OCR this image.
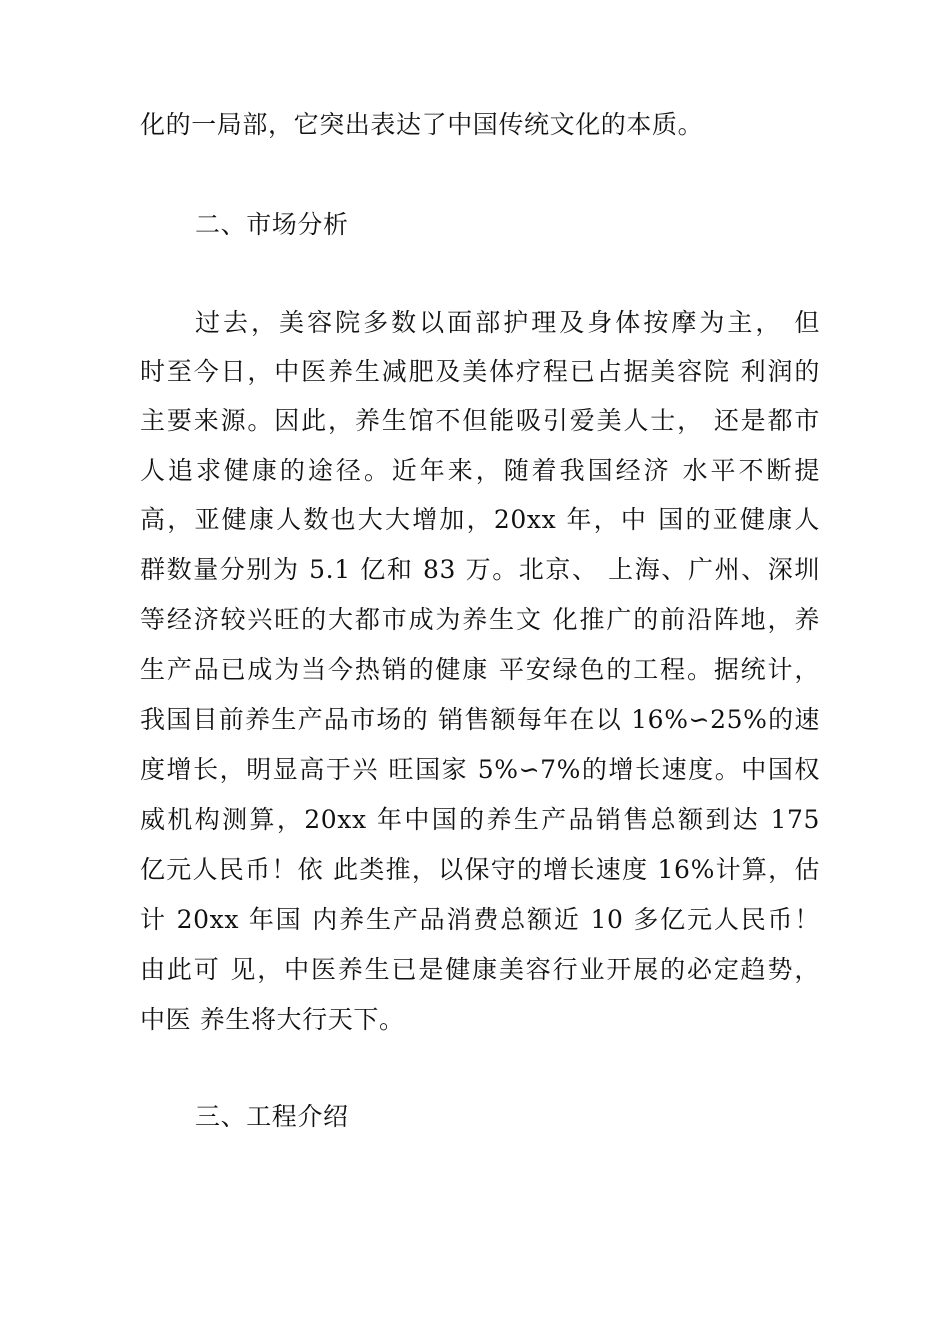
化的一局部，它突出表达了中国传统文化的本质。
二、市场分析
过去，美容院多数以面部护理及身体按摩为主， 但
时至今日，中医养生减肥及美体疗程已占据美容院 利润的
主要来源。因此，养生馆不但能吸引爱美人士， 还是都市
人追求健康的途径。近年来，随着我国经济 水平不断提
高，亚健康人数也大大增加，20xx 年，中 国的亚健康人
群数量分别为 5.1 亿和 83 万。北京、 上海、广州、深圳
等经济较兴旺的大都市成为养生文 化推广的前沿阵地，养
生产品已成为当今热销的健康 平安绿色的工程。据统计，
我国目前养生产品市场的 销售额每年在以 16%∽25%的速
度增长，明显高于兴 旺国家 5%∽7%的增长速度。中国权
威机构测算，20xx 年中国的养生产品销售总额到达 175
亿元人民币！依 此类推，以保守的增长速度 16%计算，估
计 20xx 年国 内养生产品消费总额近 10 多亿元人民币！
由此可 见，中医养生已是健康美容行业开展的必定趋势，
中医 养生将大行天下。
三、工程介绍
